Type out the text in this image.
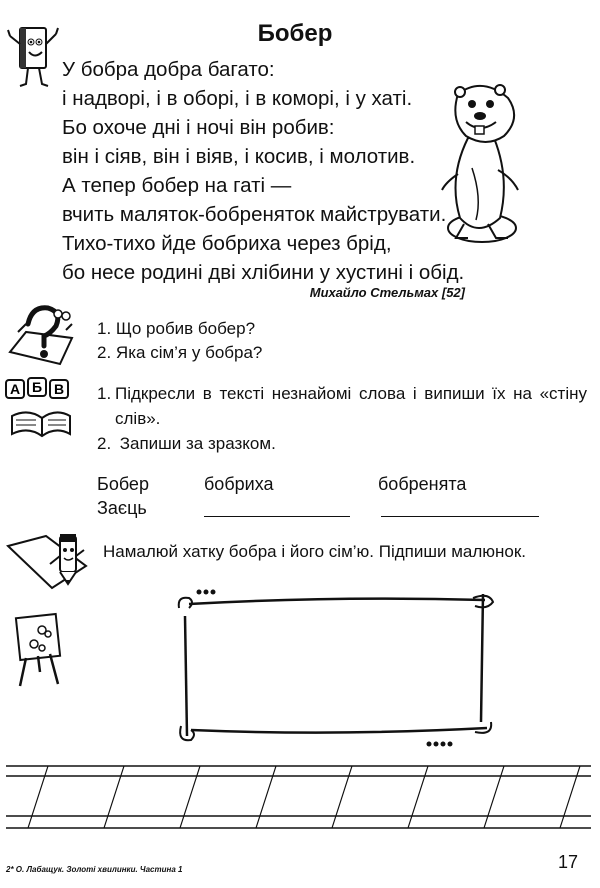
Бобер
У бобра добра багато:
і надворі, і в оборі, і в коморі, і у хаті.
Бо охоче дні і ночі він робив:
він і сіяв, він і віяв, і косив, і молотив.
А тепер бобер на гаті —
вчить маляток-бобреняток майструвати.
Тихо-тихо йде бобриха через брід,
бо несе родині дві хлібини у хустині і обід.
Михайло Стельмах [52]
1. Що робив бобер?
2. Яка сім’я у бобра?
А Б В 1.	Підкресли в тексті незнайомі слова і випиши їх на «стіну слів».
2. Запиши за зразком.
Бобер	бобриха	бобренята
Заєць
Намалюй хатку бобра і його сім’ю. Підпиши малюнок.
2* О. Лабащук. Золоті хвилинки. Частина 1	17
